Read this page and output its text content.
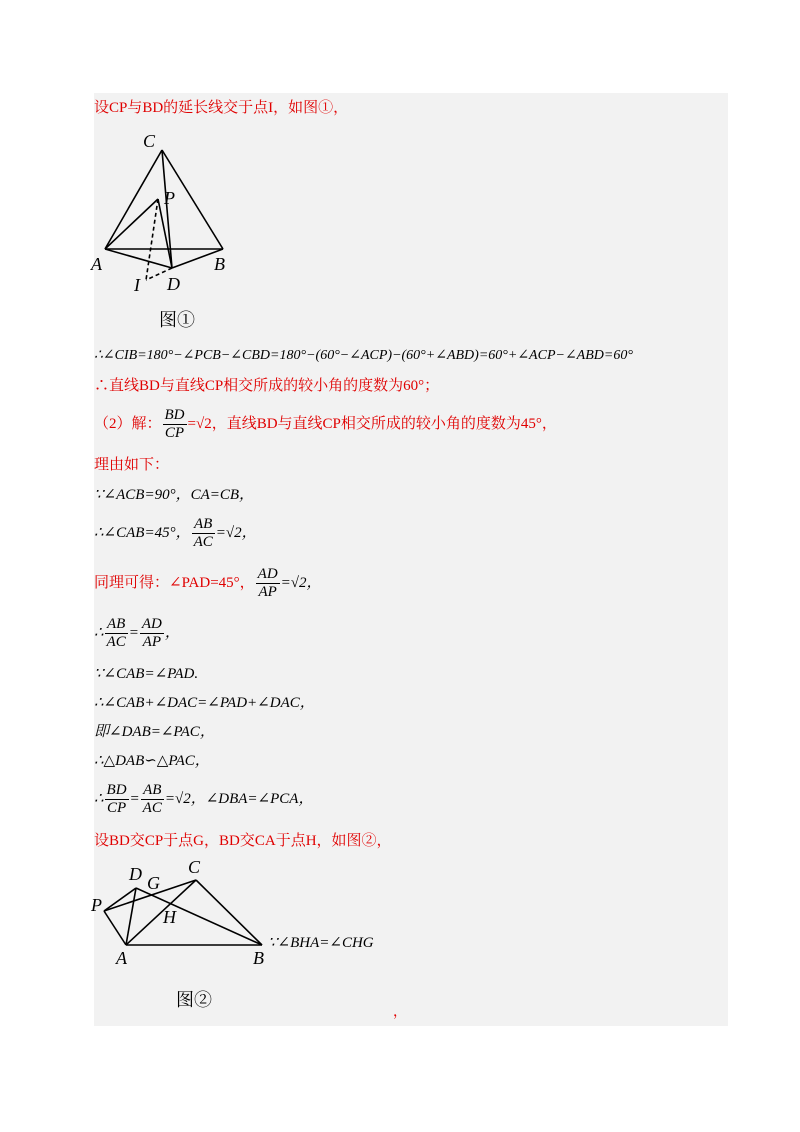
设CP与BD的延长线交于点I，如图①，
C
P
A	B
I D
图①
∴∠CIB=180°−∠PCB−∠CBD=180°−(60°−∠ACP)−(60°+∠ABD)=60°+∠ACP−∠ABD=60°
∴直线BD与直线CP相交所成的较小角的度数为60°；
（2）解： $\frac{BD}{CP} =√2$，直线BD与直线CP相交所成的较小角的度数为45°，
理由如下：
∵∠ACB=90°，CA=CB，
∴∠CAB=45°， $\frac{AB}{AC} =√2$，
同理可得：∠PAD=45°， $\frac{AD}{AP} =√2$，
∴ $\frac{AB}{AC} = \frac{AD}{AP}$ ，
∵∠CAB=∠PAD.
∴∠CAB+∠DAC=∠PAD+∠DAC，
即∠DAB=∠PAC，
∴△DAB∽△PAC，
∴ $\frac{BD}{CP} = \frac{AB}{AC} =√2$，∠DBA=∠PCA，
设BD交CP于点G，BD交CA于点H，如图②，
D G
C
P
H
A	B
∵∠BHA=∠CHG
图②
，
